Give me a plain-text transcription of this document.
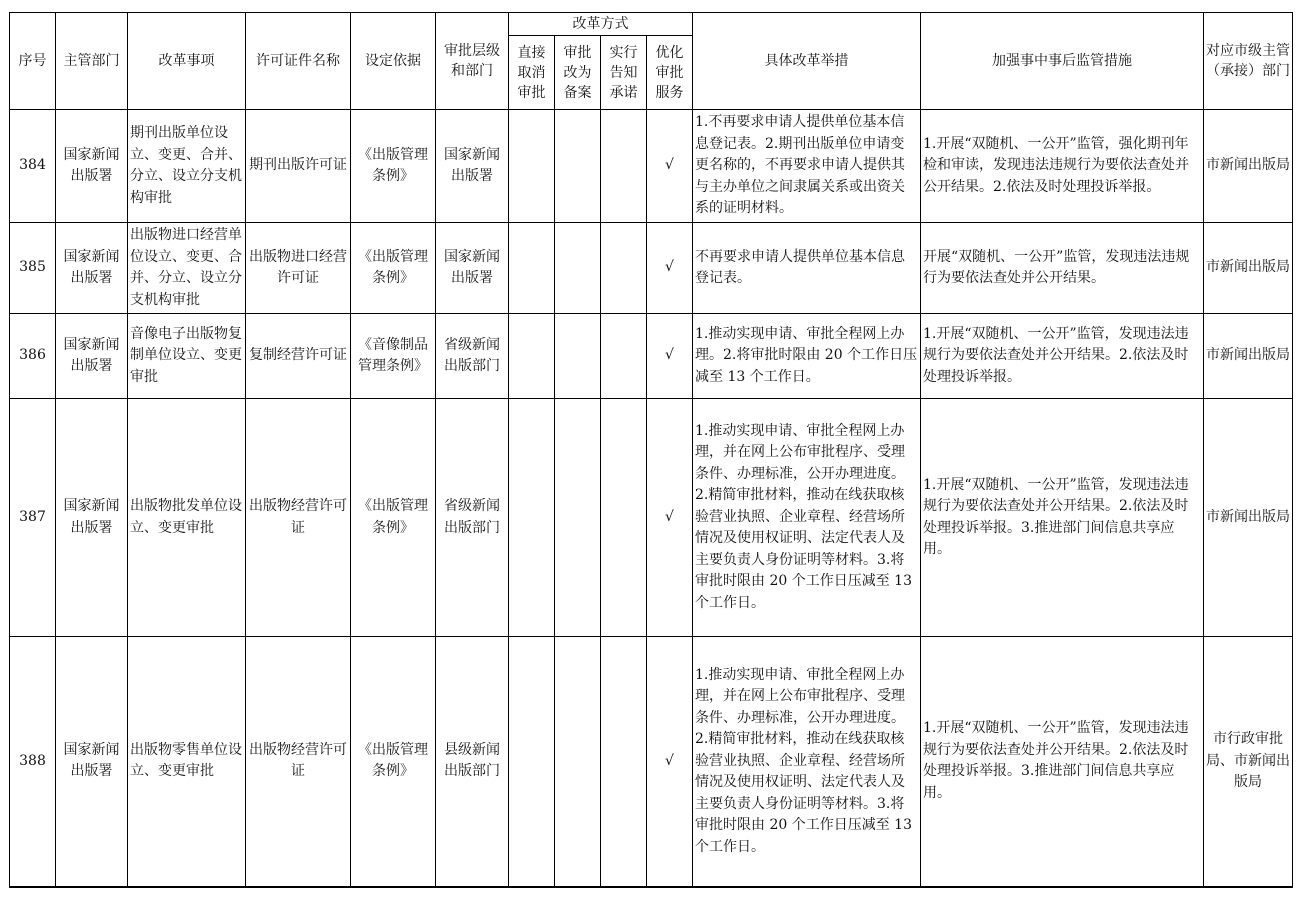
序号	主管部门	改革事项	许可证件名称	设定依据	审批层级和部门	改革方式				具体改革举措	加强事中事后监管措施	对应市级主管（承接）部门
						直接取消审批	审批改为备案	实行告知承诺	优化审批服务			
384	国家新闻出版署	期刊出版单位设立、变更、合并、分立、设立分支机构审批	期刊出版许可证	《出版管理条例》	国家新闻出版署				√	1.不再要求申请人提供单位基本信息登记表。2.期刊出版单位申请变更名称的，不再要求申请人提供其与主办单位之间隶属关系或出资关系的证明材料。	1.开展“双随机、一公开”监管，强化期刊年检和审读，发现违法违规行为要依法查处并公开结果。2.依法及时处理投诉举报。	市新闻出版局
385	国家新闻出版署	出版物进口经营单位设立、变更、合并、分立、设立分支机构审批	出版物进口经营许可证	《出版管理条例》	国家新闻出版署				√	不再要求申请人提供单位基本信息登记表。	开展“双随机、一公开”监管，发现违法违规行为要依法查处并公开结果。	市新闻出版局
386	国家新闻出版署	音像电子出版物复制单位设立、变更审批	复制经营许可证	《音像制品管理条例》	省级新闻出版部门				√	1.推动实现申请、审批全程网上办理。2.将审批时限由 20 个工作日压减至 13 个工作日。	1.开展“双随机、一公开”监管，发现违法违规行为要依法查处并公开结果。2.依法及时处理投诉举报。	市新闻出版局
387	国家新闻出版署	出版物批发单位设立、变更审批	出版物经营许可证	《出版管理条例》	省级新闻出版部门				√	1.推动实现申请、审批全程网上办理，并在网上公布审批程序、受理条件、办理标准，公开办理进度。2.精简审批材料，推动在线获取核验营业执照、企业章程、经营场所情况及使用权证明、法定代表人及主要负责人身份证明等材料。3.将审批时限由 20 个工作日压减至 13 个工作日。	1.开展“双随机、一公开”监管，发现违法违规行为要依法查处并公开结果。2.依法及时处理投诉举报。3.推进部门间信息共享应用。	市新闻出版局
388	国家新闻出版署	出版物零售单位设立、变更审批	出版物经营许可证	《出版管理条例》	县级新闻出版部门				√	1.推动实现申请、审批全程网上办理，并在网上公布审批程序、受理条件、办理标准，公开办理进度。2.精简审批材料，推动在线获取核验营业执照、企业章程、经营场所情况及使用权证明、法定代表人及主要负责人身份证明等材料。3.将审批时限由 20 个工作日压减至 13 个工作日。	1.开展“双随机、一公开”监管，发现违法违规行为要依法查处并公开结果。2.依法及时处理投诉举报。3.推进部门间信息共享应用。	市行政审批局、市新闻出版局
